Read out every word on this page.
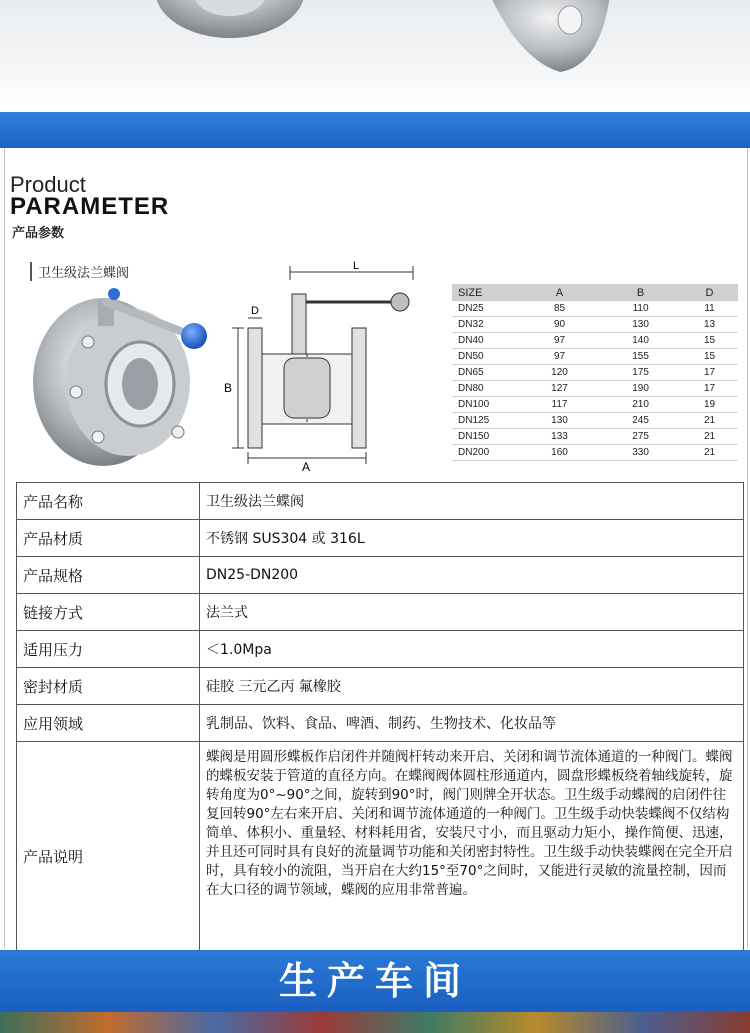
Product
PARAMETER
产品参数
卫生级法兰蝶阀	L
D
B
A
SIZE	A	B	D
DN25	85	110	11
DN32	90	130	13
DN40	97	140	15
DN50	97	155	15
DN65	120	175	17
DN80	127	190	17
DN100	117	210	19
DN125	130	245	21
DN150	133	275	21
DN200	160	330	21
产品名称	卫生级法兰蝶阀
产品材质	不锈钢 SUS304 或 316L
产品规格	DN25-DN200
链接方式	法兰式
适用压力	＜1.0Mpa
密封材质	硅胶 三元乙丙 氟橡胶
应用领域	乳制品、饮料、食品、啤酒、制药、生物技术、化妆品等
产品说明	蝶阀是用圆形蝶板作启闭件并随阀杆转动来开启、关闭和调节流体通道的一种阀门。蝶阀的蝶板安装于管道的直径方向。在蝶阀阀体圆柱形通道内，圆盘形蝶板绕着轴线旋转，旋转角度为0°~90°之间，旋转到90°时，阀门则牌全开状态。卫生级手动蝶阀的启闭件往复回转90°左右来开启、关闭和调节流体通道的一种阀门。卫生级手动快装蝶阀不仅结构简单、体积小、重量轻、材料耗用省，安装尺寸小，而且驱动力矩小，操作简便、迅速，并且还可同时具有良好的流量调节功能和关闭密封特性。卫生级手动快装蝶阀在完全开启时，具有较小的流阻，当开启在大约15°至70°之间时，又能进行灵敏的流量控制，因而在大口径的调节领域，蝶阀的应用非常普遍。
生产车间
